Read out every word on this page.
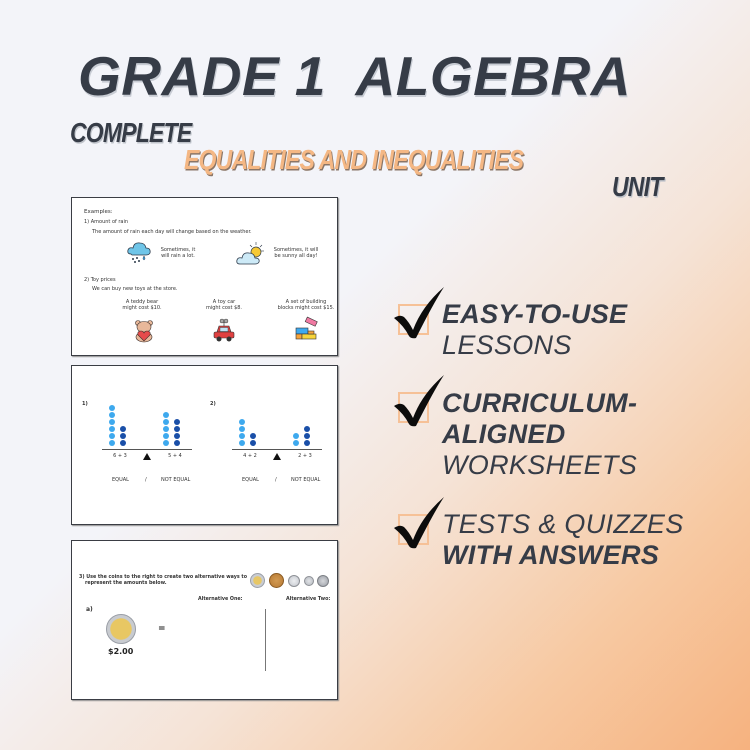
GRADE 1  ALGEBRA
COMPLETE
EQUALITIES AND INEQUALITIES
UNIT
Examples:
1) Amount of rain
The amount of rain each day will change based on the weather.
Sometimes, it
will rain a lot.
Sometimes, it will
be sunny all day!
2) Toy prices
We can buy new toys at the store.
A teddy bear
might cost $10.
A toy car
might cost $8.
A set of building
blocks might cost $15.
1)
6 + 3	5 + 4
EQUAL	/	NOT EQUAL
2)
4 + 2	2 + 3
EQUAL	/	NOT EQUAL
3) Use the coins to the right to create two alternative ways to
represent the amounts below.
Alternative One:	Alternative Two:
a)
$2.00
=
EASY-TO-USE
LESSONS
CURRICULUM-
ALIGNED
WORKSHEETS
TESTS & QUIZZES
WITH ANSWERS
